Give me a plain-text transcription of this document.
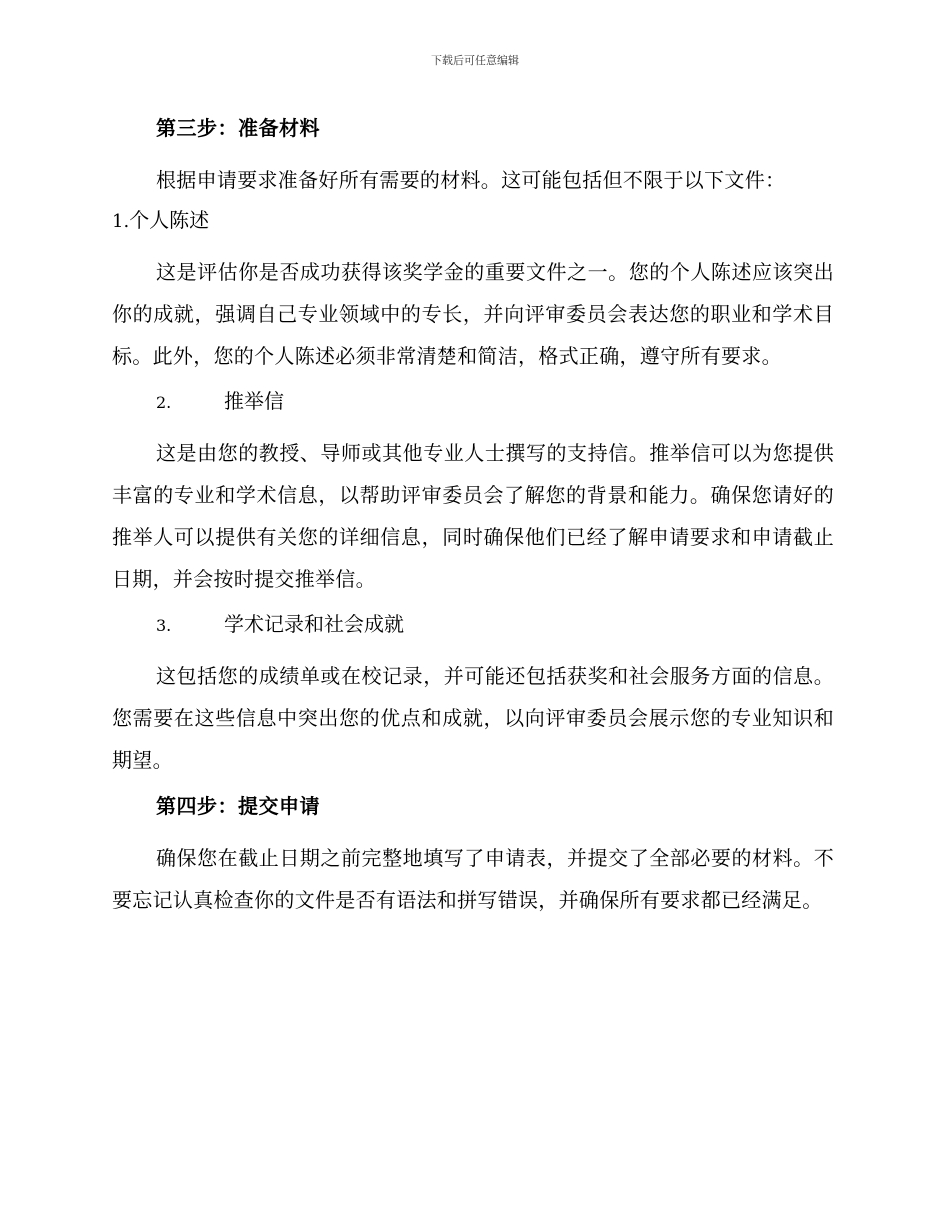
下载后可任意编辑
第三步：准备材料

根据申请要求准备好所有需要的材料。这可能包括但不限于以下文件：

1.个人陈述

这是评估你是否成功获得该奖学金的重要文件之一。您的个人陈述应该突出你的成就，强调自己专业领域中的专长，并向评审委员会表达您的职业和学术目标。此外，您的个人陈述必须非常清楚和简洁，格式正确，遵守所有要求。

2.	推举信

这是由您的教授、导师或其他专业人士撰写的支持信。推举信可以为您提供丰富的专业和学术信息，以帮助评审委员会了解您的背景和能力。确保您请好的推举人可以提供有关您的详细信息，同时确保他们已经了解申请要求和申请截止日期，并会按时提交推举信。

3.	学术记录和社会成就

这包括您的成绩单或在校记录，并可能还包括获奖和社会服务方面的信息。您需要在这些信息中突出您的优点和成就，以向评审委员会展示您的专业知识和期望。

第四步：提交申请

确保您在截止日期之前完整地填写了申请表，并提交了全部必要的材料。不要忘记认真检查你的文件是否有语法和拼写错误，并确保所有要求都已经满足。
